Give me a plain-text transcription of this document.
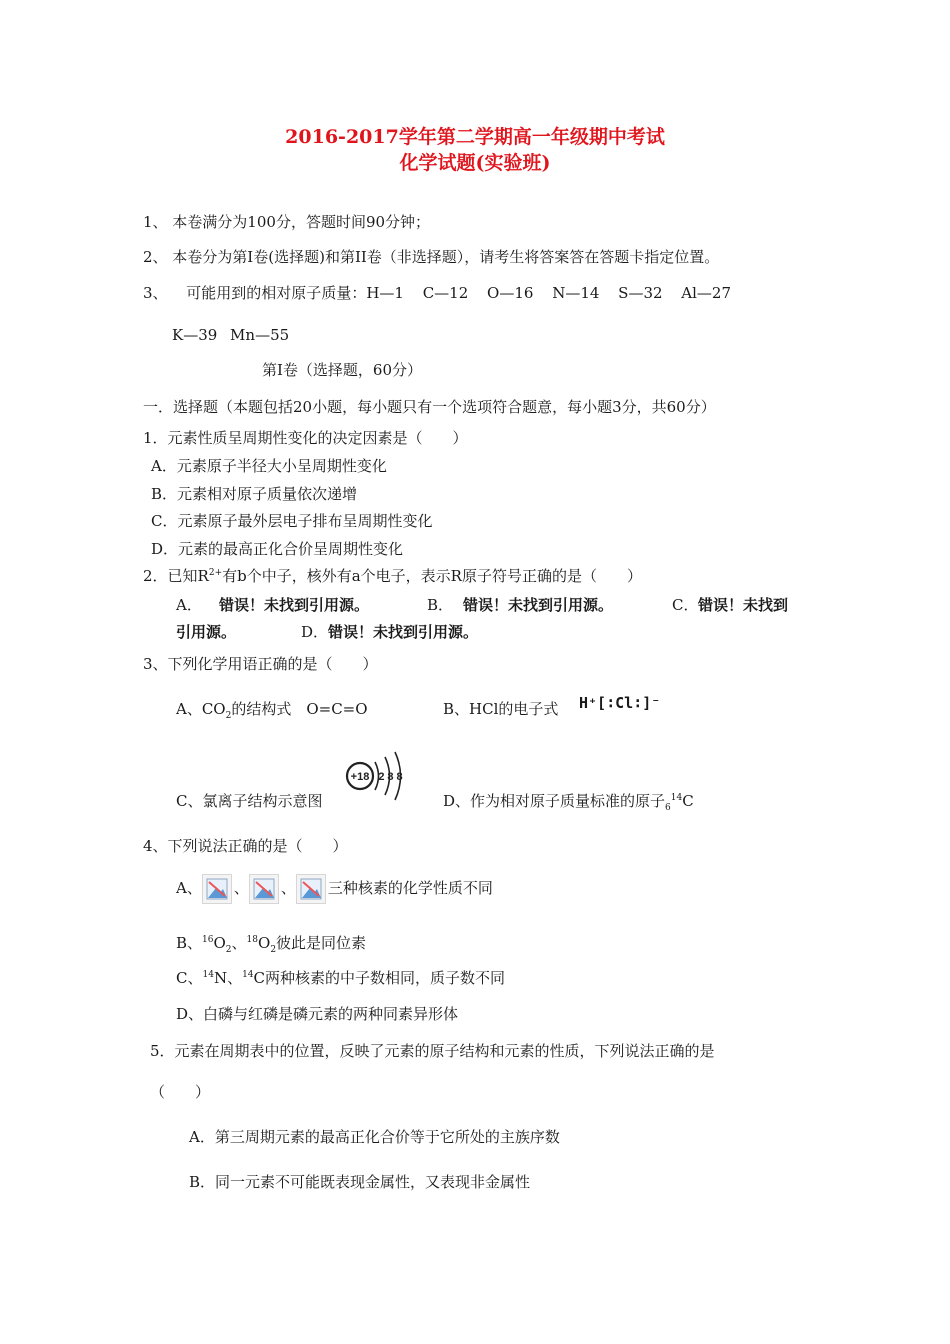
2016-2017学年第二学期高一年级期中考试
化学试题(实验班)
1、 本卷满分为100分，答题时间90分钟；
2、 本卷分为第Ⅰ卷(选择题)和第II卷（非选择题），请考生将答案答在答题卡指定位置。
3、 可能用到的相对原子质量：H—1 C—12 O—16 N—14 S—32 Al—27
K—39 Mn—55
第Ⅰ卷（选择题，60分）
一．选择题（本题包括20小题，每小题只有一个选项符合题意，每小题3分，共60分）
1．元素性质呈周期性变化的决定因素是（　　）
A．元素原子半径大小呈周期性变化
B．元素相对原子质量依次递增
C．元素原子最外层电子排布呈周期性变化
D．元素的最高正化合价呈周期性变化
2．已知$R^{2+}$有b个中子，核外有a个电子，表示R原子符号正确的是（　　）
A． 错误！未找到引用源。	B． 错误！未找到引用源。	C． 错误！未找到
引用源。	D． 错误！未找到引用源。
3、下列化学用语正确的是（　　）
A、$CO_2$的结构式　O=C=O	B、HCl的电子式 H⁺[∶Cl∶]⁻
C、氯离子结构示意图
+18 288
D、作为相对原子质量标准的原子$_6^{14}$C
4、下列说法正确的是（　　）
A、 、 、 三种核素的化学性质不同
B、$^{16}O_2$、$^{18}O_2$彼此是同位素
C、$^{14}$N、$^{14}$C两种核素的中子数相同，质子数不同
D、白磷与红磷是磷元素的两种同素异形体
5．元素在周期表中的位置，反映了元素的原子结构和元素的性质，下列说法正确的是
（　　）
A．第三周期元素的最高正化合价等于它所处的主族序数
B．同一元素不可能既表现金属性，又表现非金属性
